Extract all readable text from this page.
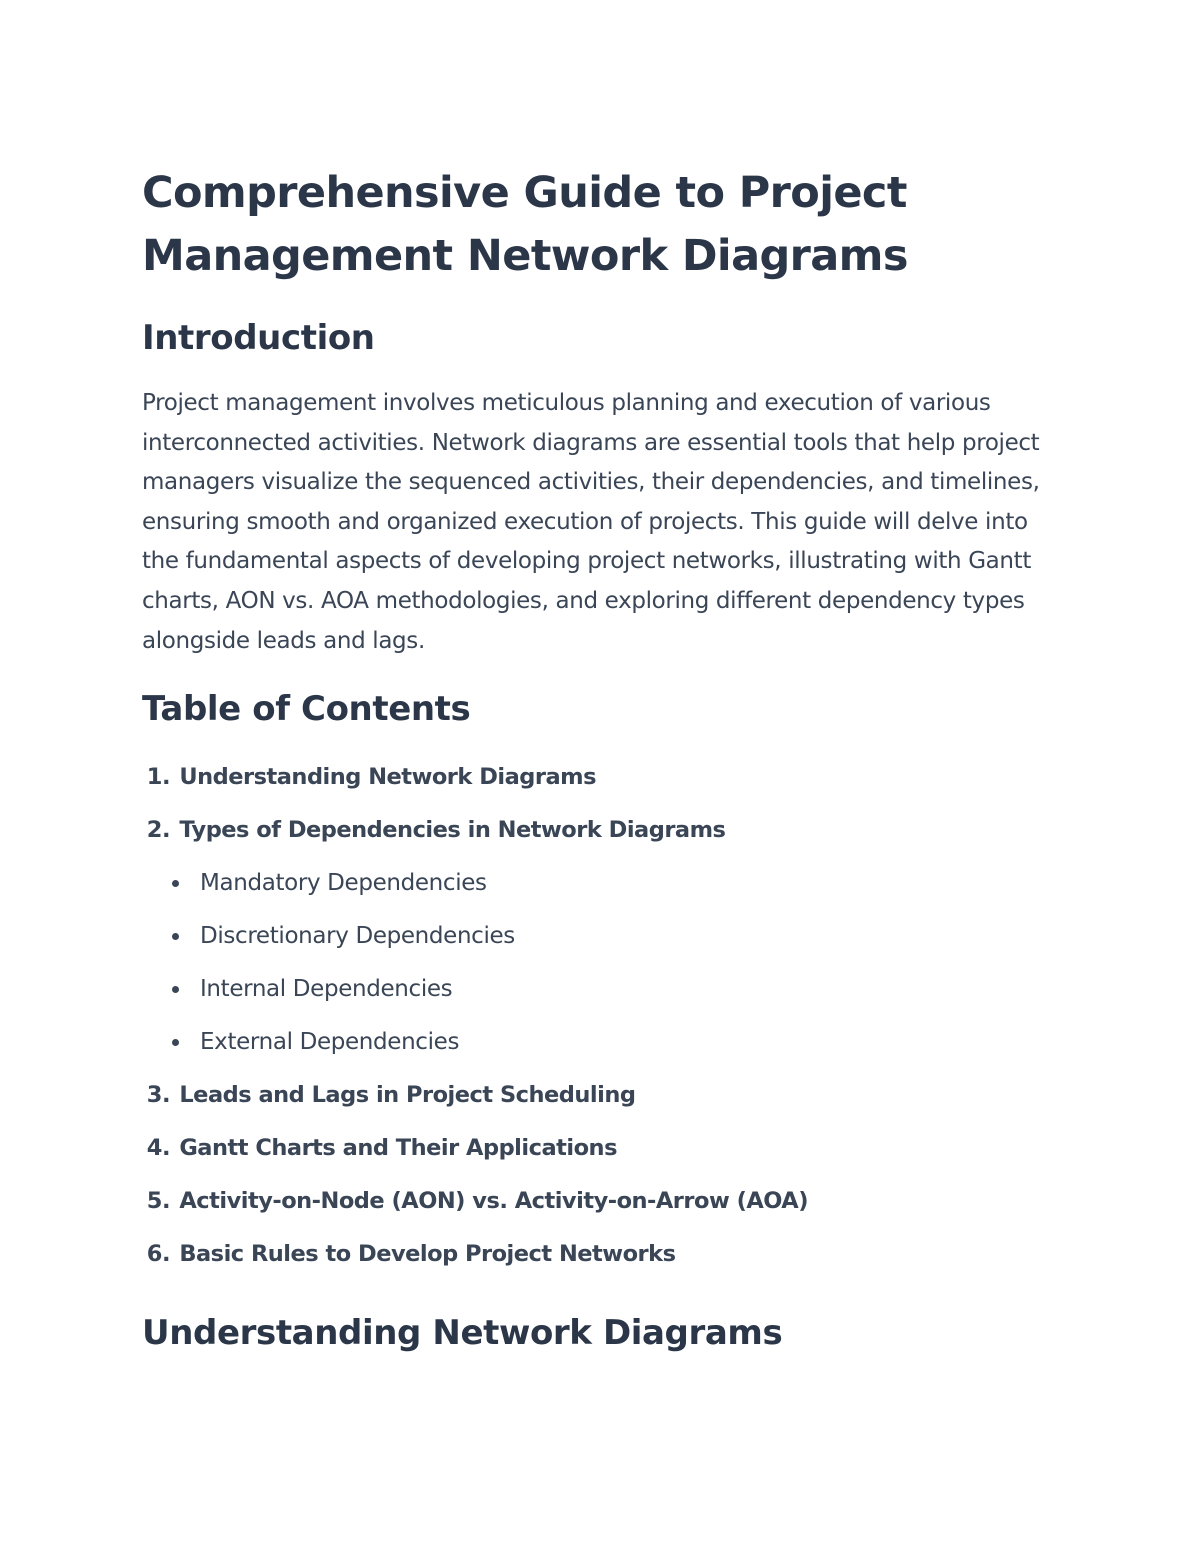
Comprehensive Guide to Project Management Network Diagrams
Introduction

Project management involves meticulous planning and execution of various interconnected activities. Network diagrams are essential tools that help project managers visualize the sequenced activities, their dependencies, and timelines, ensuring smooth and organized execution of projects. This guide will delve into the fundamental aspects of developing project networks, illustrating with Gantt charts, AON vs. AOA methodologies, and exploring different dependency types alongside leads and lags.

Table of Contents
1. Understanding Network Diagrams
2. Types of Dependencies in Network Diagrams
Mandatory Dependencies
Discretionary Dependencies
Internal Dependencies
External Dependencies
3. Leads and Lags in Project Scheduling
4. Gantt Charts and Their Applications
5. Activity-on-Node (AON) vs. Activity-on-Arrow (AOA)
6. Basic Rules to Develop Project Networks
Understanding Network Diagrams
